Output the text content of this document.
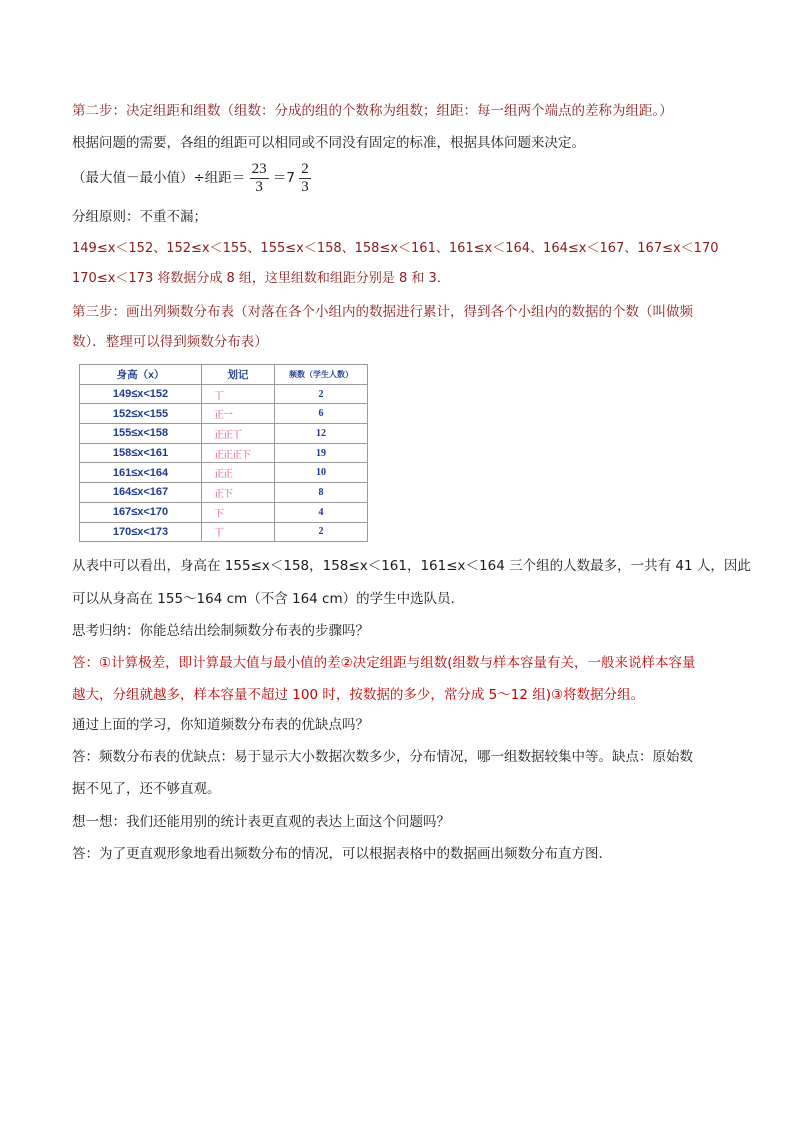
第二步：决定组距和组数（组数：分成的组的个数称为组数；组距：每一组两个端点的差称为组距。）
根据问题的需要，各组的组距可以相同或不同没有固定的标准，根据具体问题来决定。
（最大值－最小值）÷组距＝ $\frac{23}{3} =7 \frac{2}{3}$
分组原则：不重不漏；
149≤x＜152、152≤x＜155、155≤x＜158、158≤x＜161、161≤x＜164、164≤x＜167、167≤x＜170
170≤x＜173 将数据分成 8 组，这里组数和组距分别是 8 和 3．
第三步：画出列频数分布表（对落在各个小组内的数据进行累计，得到各个小组内的数据的个数（叫做频
数）．整理可以得到频数分布表）
身高（x）	划记	频数（学生人数）
149≤x<152	丅	2
152≤x<155	正一	6
155≤x<158	正正丅	12
158≤x<161	正正正下	19
161≤x<164	正正	10
164≤x<167	正下	8
167≤x<170	下	4
170≤x<173	丅	2
从表中可以看出，身高在 155≤x＜158，158≤x＜161，161≤x＜164 三个组的人数最多，一共有 41 人，因此
可以从身高在 155～164 cm（不含 164 cm）的学生中选队员．
思考归纳：你能总结出绘制频数分布表的步骤吗？
答：①计算极差，即计算最大值与最小值的差②决定组距与组数(组数与样本容量有关，一般来说样本容量
越大，分组就越多，样本容量不超过 100 时，按数据的多少，常分成 5～12 组)③将数据分组。
通过上面的学习，你知道频数分布表的优缺点吗？
答：频数分布表的优缺点：易于显示大小数据次数多少，分布情况，哪一组数据较集中等。缺点：原始数
据不见了，还不够直观。
想一想：我们还能用别的统计表更直观的表达上面这个问题吗？
答：为了更直观形象地看出频数分布的情况，可以根据表格中的数据画出频数分布直方图．
